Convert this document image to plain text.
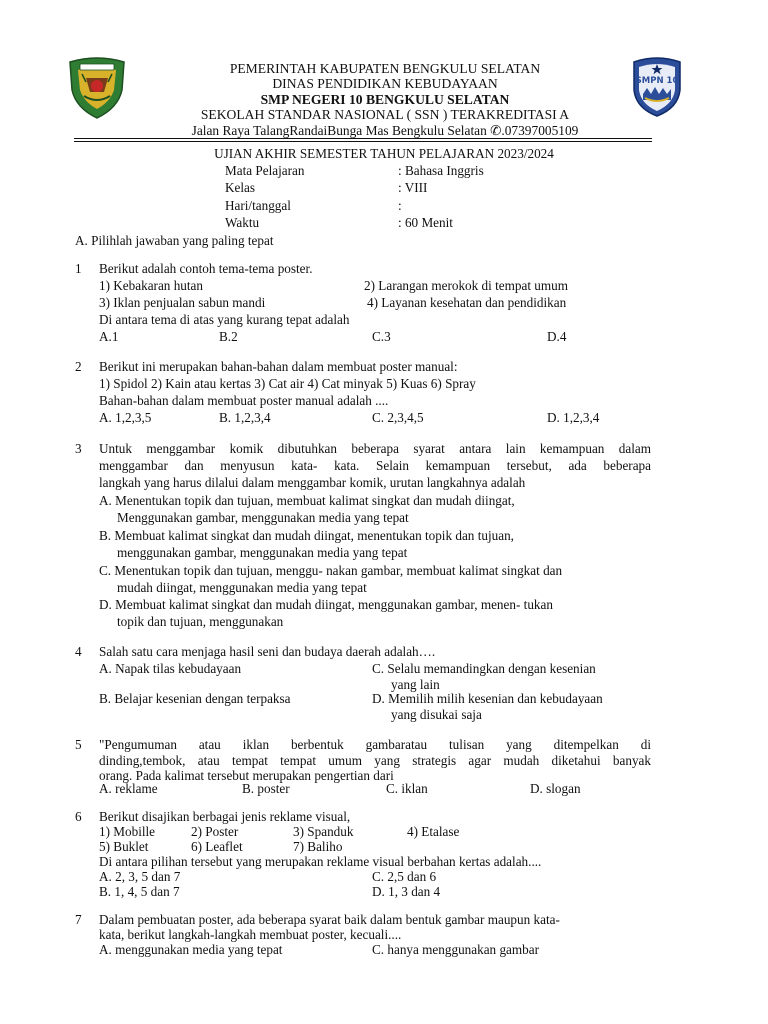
SMPN 10
PEMERINTAH KABUPATEN BENGKULU SELATAN
DINAS PENDIDIKAN KEBUDAYAAN
SMP NEGERI 10 BENGKULU SELATAN
SEKOLAH STANDAR NASIONAL ( SSN ) TERAKREDITASI A
Jalan Raya TalangRandaiBunga Mas Bengkulu Selatan ✆.07397005109
UJIAN AKHIR SEMESTER TAHUN PELAJARAN 2023/2024
Mata Pelajaran	: Bahasa Inggris
Kelas	: VIII
Hari/tanggal	:
Waktu	: 60 Menit
A. Pilihlah jawaban yang paling tepat
1 Berikut adalah contoh tema-tema poster.
1) Kebakaran hutan	2) Larangan merokok di tempat umum
3) Iklan penjualan sabun mandi	4) Layanan kesehatan dan pendidikan
Di antara tema di atas yang kurang tepat adalah
A.1	B.2	C.3	D.4
2 Berikut ini merupakan bahan-bahan dalam membuat poster manual:
1) Spidol 2) Kain atau kertas 3) Cat air 4) Cat minyak 5) Kuas 6) Spray
Bahan-bahan dalam membuat poster manual adalah ....
A. 1,2,3,5	B. 1,2,3,4	C. 2,3,4,5	D. 1,2,3,4
3 Untuk menggambar komik dibutuhkan beberapa syarat antara lain kemampuan dalam
menggambar dan menyusun kata- kata. Selain kemampuan tersebut, ada beberapa
langkah yang harus dilalui dalam menggambar komik, urutan langkahnya adalah
A. Menentukan topik dan tujuan, membuat kalimat singkat dan mudah diingat,
Menggunakan gambar, menggunakan media yang tepat
B. Membuat kalimat singkat dan mudah diingat, menentukan topik dan tujuan,
menggunakan gambar, menggunakan media yang tepat
C. Menentukan topik dan tujuan, menggu- nakan gambar, membuat kalimat singkat dan
mudah diingat, menggunakan media yang tepat
D. Membuat kalimat singkat dan mudah diingat, menggunakan gambar, menen- tukan
topik dan tujuan, menggunakan
4 Salah satu cara menjaga hasil seni dan budaya daerah adalah….
A. Napak tilas kebudayaan	C. Selalu memandingkan dengan kesenian
yang lain
B. Belajar kesenian dengan terpaksa	D. Memilih milih kesenian dan kebudayaan
yang disukai saja
5 "Pengumuman atau iklan berbentuk gambaratau tulisan yang ditempelkan di
dinding,tembok, atau tempat tempat umum yang strategis agar mudah diketahui banyak
orang. Pada kalimat tersebut merupakan pengertian dari
A. reklame	B. poster	C. iklan	D. slogan
6 Berikut disajikan berbagai jenis reklame visual,
1) Mobille	2) Poster	3) Spanduk	4) Etalase
5) Buklet	6) Leaflet	7) Baliho
Di antara pilihan tersebut yang merupakan reklame visual berbahan kertas adalah....
A. 2, 3, 5 dan 7	C. 2,5 dan 6
B. 1, 4, 5 dan 7	D. 1, 3 dan 4
7 Dalam pembuatan poster, ada beberapa syarat baik dalam bentuk gambar maupun kata-
kata, berikut langkah-langkah membuat poster, kecuali....
A. menggunakan media yang tepat	C. hanya menggunakan gambar
